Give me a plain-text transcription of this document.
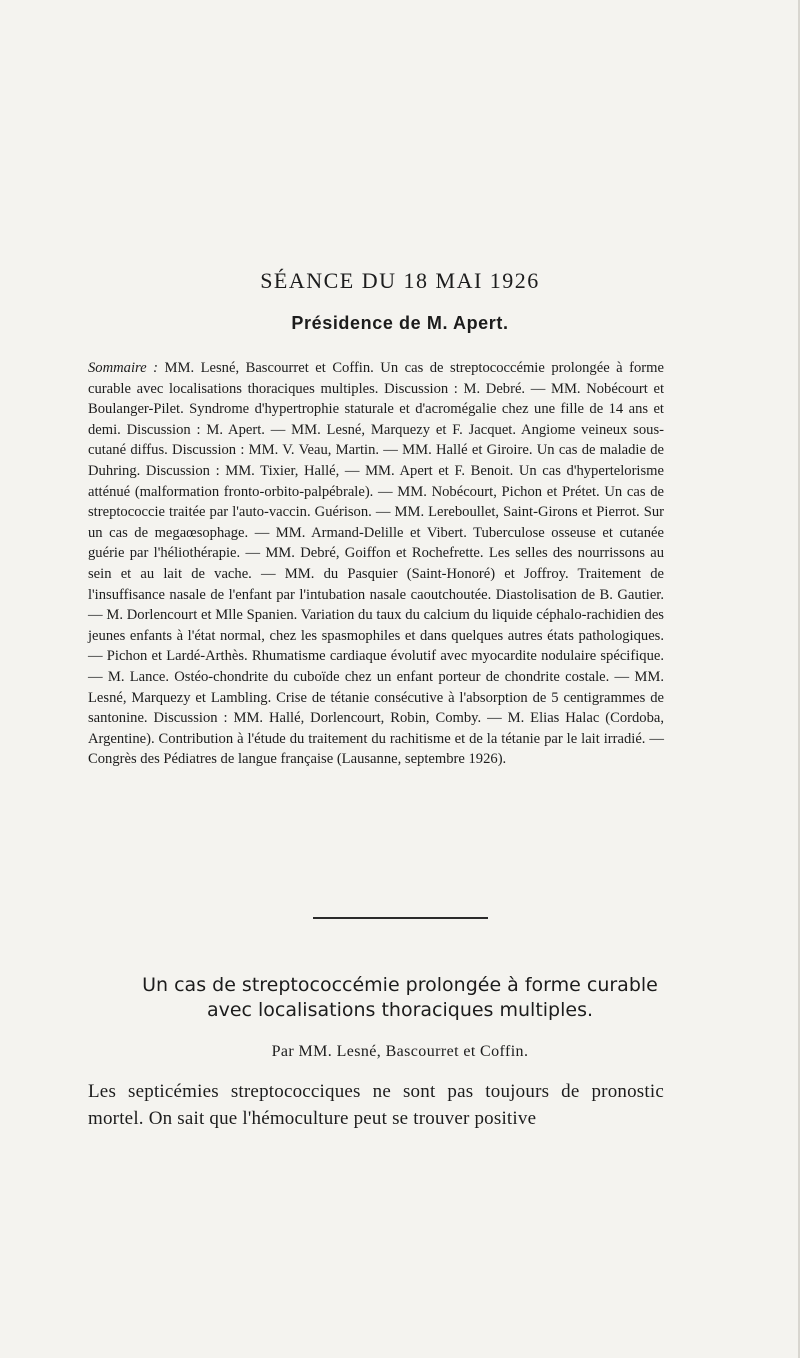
SÉANCE DU 18 MAI 1926
Présidence de M. Apert.

Sommaire : MM. Lesné, Bascourret et Coffin. Un cas de streptococcémie prolongée à forme curable avec localisations thoraciques multiples. Discussion : M. Debré. — MM. Nobécourt et Boulanger-Pilet. Syndrome d'hypertrophie staturale et d'acromégalie chez une fille de 14 ans et demi. Discussion : M. Apert. — MM. Lesné, Marquezy et F. Jacquet. Angiome veineux sous-cutané diffus. Discussion : MM. V. Veau, Martin. — MM. Hallé et Giroire. Un cas de maladie de Duhring. Discussion : MM. Tixier, Hallé, — MM. Apert et F. Benoit. Un cas d'hypertelorisme atténué (malformation fronto-orbito-palpébrale). — MM. Nobécourt, Pichon et Prétet. Un cas de streptococcie traitée par l'auto-vaccin. Guérison. — MM. Lereboullet, Saint-Girons et Pierrot. Sur un cas de megaœsophage. — MM. Armand-Delille et Vibert. Tuberculose osseuse et cutanée guérie par l'héliothérapie. — MM. Debré, Goiffon et Rochefrette. Les selles des nourrissons au sein et au lait de vache. — MM. du Pasquier (Saint-Honoré) et Joffroy. Traitement de l'insuffisance nasale de l'enfant par l'intubation nasale caoutchoutée. Diastolisation de B. Gautier. — M. Dorlencourt et Mlle Spanien. Variation du taux du calcium du liquide céphalo-rachidien des jeunes enfants à l'état normal, chez les spasmophiles et dans quelques autres états pathologiques. — Pichon et Lardé-Arthès. Rhumatisme cardiaque évolutif avec myocardite nodulaire spécifique. — M. Lance. Ostéo-chondrite du cuboïde chez un enfant porteur de chondrite costale. — MM. Lesné, Marquezy et Lambling. Crise de tétanie consécutive à l'absorption de 5 centigrammes de santonine. Discussion : MM. Hallé, Dorlencourt, Robin, Comby. — M. Elias Halac (Cordoba, Argentine). Contribution à l'étude du traitement du rachitisme et de la tétanie par le lait irradié. — Congrès des Pédiatres de langue française (Lausanne, septembre 1926).

Un cas de streptococcémie prolongée à forme curable
avec localisations thoraciques multiples.

Par MM. Lesné, Bascourret et Coffin.

Les septicémies streptococciques ne sont pas toujours de pronostic mortel. On sait que l'hémoculture peut se trouver positive
